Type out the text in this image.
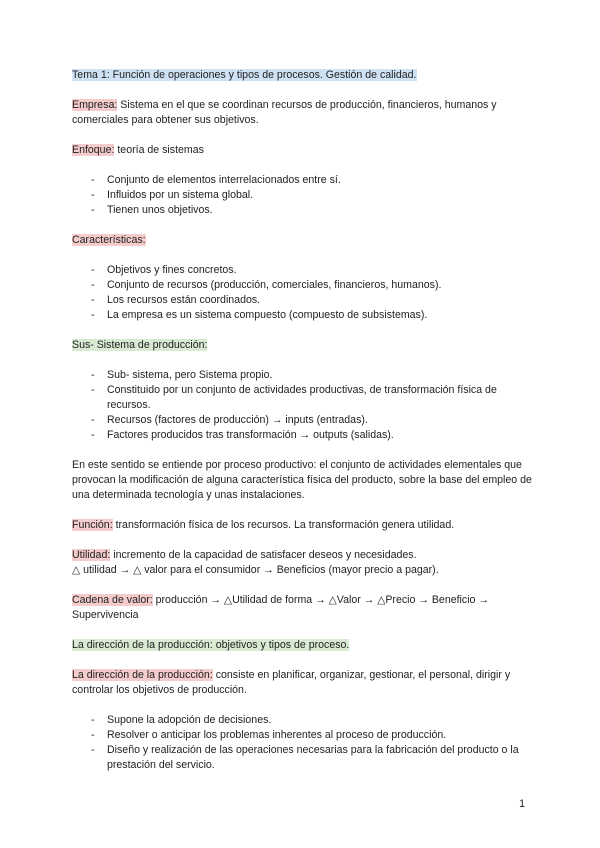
Tema 1: Función de operaciones y tipos de procesos. Gestión de calidad.
Empresa: Sistema en el que se coordinan recursos de producción, financieros, humanos y comerciales para obtener sus objetivos.
Enfoque: teoría de sistemas
- Conjunto de elementos interrelacionados entre sí.
- Influidos por un sistema global.
- Tienen unos objetivos.
Características:
- Objetivos y fines concretos.
- Conjunto de recursos (producción, comerciales, financieros, humanos).
- Los recursos están coordinados.
- La empresa es un sistema compuesto (compuesto de subsistemas).
Sus- Sistema de producción:
- Sub- sistema, pero Sistema propio.
- Constituido por un conjunto de actividades productivas, de transformación física de recursos.
- Recursos (factores de producción) → inputs (entradas).
- Factores producidos tras transformación → outputs (salidas).
En este sentido se entiende por proceso productivo: el conjunto de actividades elementales que provocan la modificación de alguna característica física del producto, sobre la base del empleo de una determinada tecnología y unas instalaciones.
Función: transformación física de los recursos. La transformación genera utilidad.
Utilidad: incremento de la capacidad de satisfacer deseos y necesidades.
△ utilidad → △ valor para el consumidor → Beneficios (mayor precio a pagar).
Cadena de valor: producción → △Utilidad de forma → △Valor → △Precio → Beneficio → Supervivencia
La dirección de la producción: objetivos y tipos de proceso.
La dirección de la producción: consiste en planificar, organizar, gestionar, el personal, dirigir y controlar los objetivos de producción.
- Supone la adopción de decisiones.
- Resolver o anticipar los problemas inherentes al proceso de producción.
- Diseño y realización de las operaciones necesarias para la fabricación del producto o la prestación del servicio.
1
